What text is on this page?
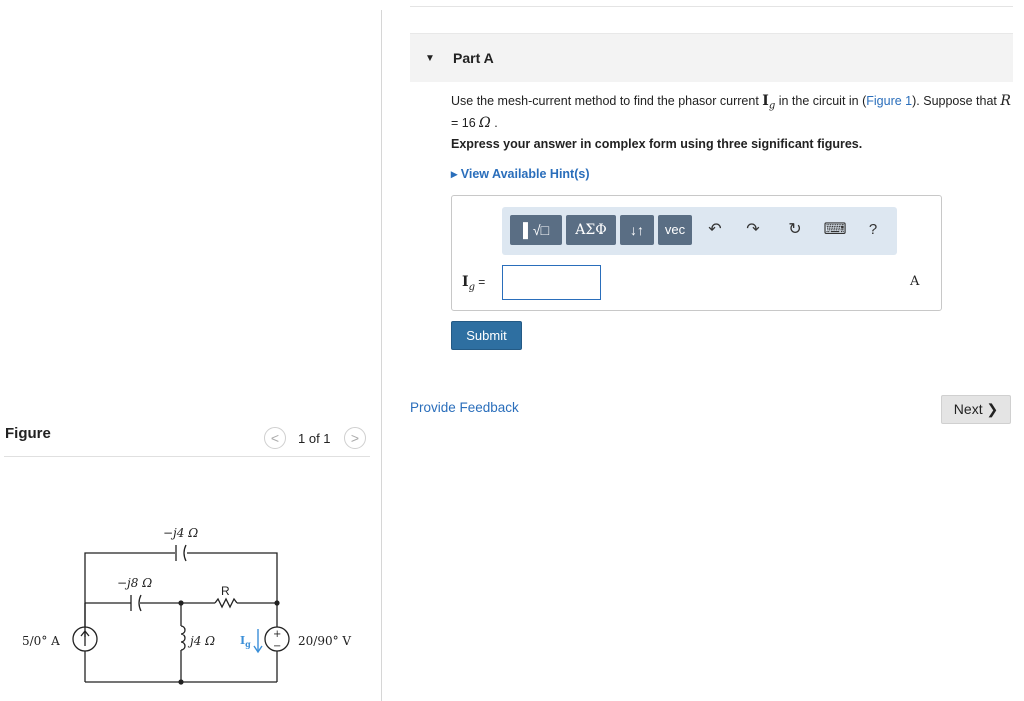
Figure	<	1 of 1	>
−j4 Ω
−j8 Ω
R
j4 Ω
5/0° A	20/90° V
+
−
$I_g$
▼ Part A
Use the mesh-current method to find the phasor current $I_g$ in the circuit in (Figure 1). Suppose that R = 16 Ω .
Express your answer in complex form using three significant figures.
▸ View Available Hint(s)
▌√□	ΑΣΦ	↓↑	vec	↶	↷	↻	⌨	?
$I_g$ =	A
Submit
Provide Feedback	Next ❯
